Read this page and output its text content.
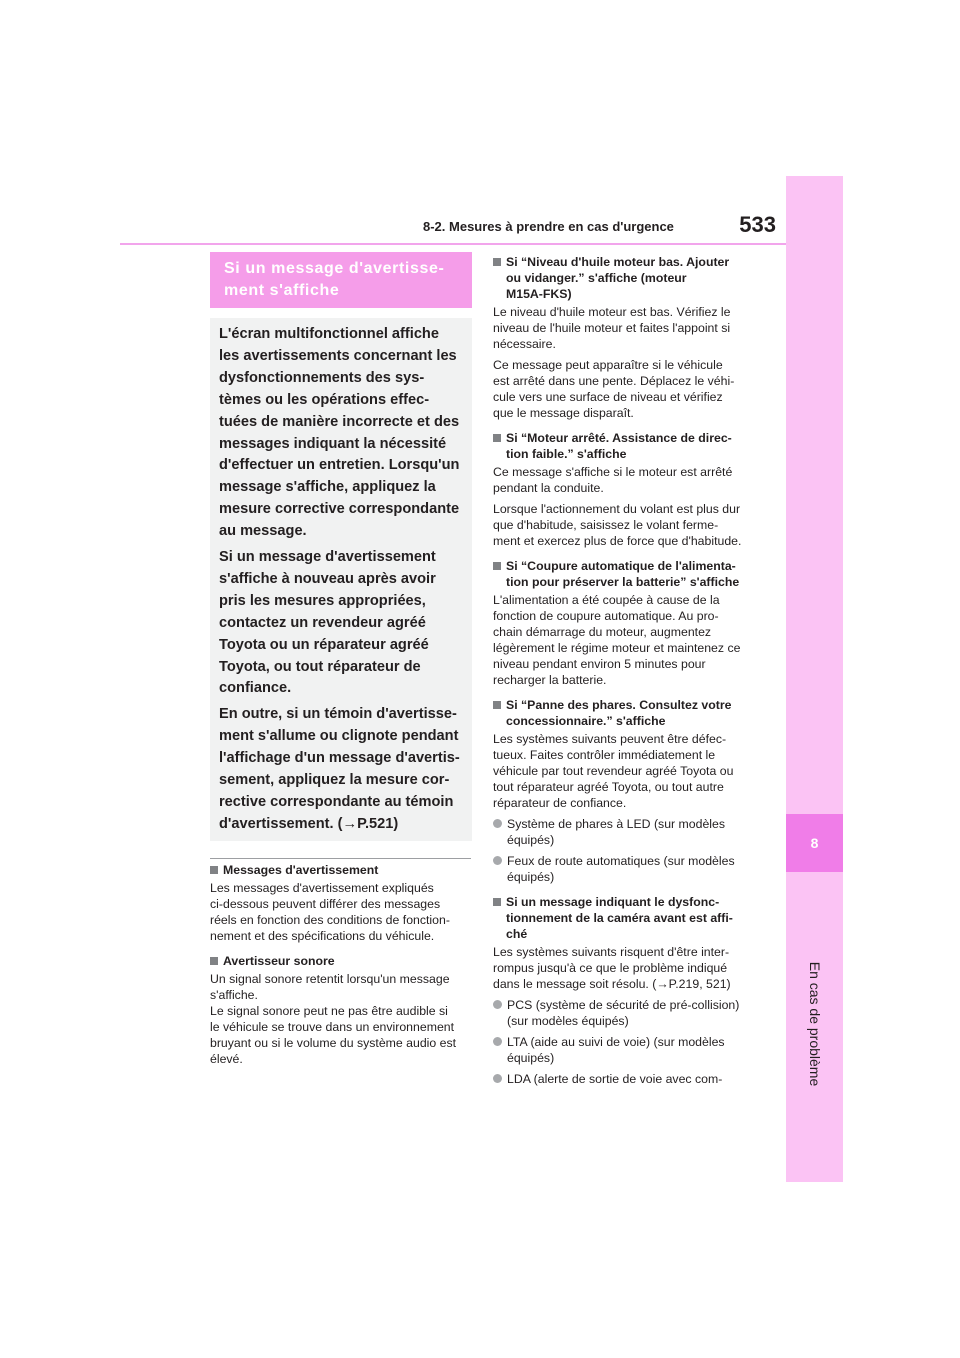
8
En cas de problème
533
8-2. Mesures à prendre en cas d'urgence
Si un message d'avertisse-
ment s'affiche

L'écran multifonctionnel affiche
les avertissements concernant les
dysfonctionnements des sys-
tèmes ou les opérations effec-
tuées de manière incorrecte et des
messages indiquant la nécessité
d'effectuer un entretien. Lorsqu'un
message s'affiche, appliquez la
mesure corrective correspondante
au message.

Si un message d'avertissement
s'affiche à nouveau après avoir
pris les mesures appropriées,
contactez un revendeur agréé
Toyota ou un réparateur agréé
Toyota, ou tout réparateur de
confiance.

En outre, si un témoin d'avertisse-
ment s'allume ou clignote pendant
l'affichage d'un message d'avertis-
sement, appliquez la mesure cor-
rective correspondante au témoin
d'avertissement. (→P.521)

Messages d'avertissement

Les messages d'avertissement expliqués
ci-dessous peuvent différer des messages
réels en fonction des conditions de fonction-
nement et des spécifications du véhicule.

Avertisseur sonore

Un signal sonore retentit lorsqu'un message
s'affiche.
Le signal sonore peut ne pas être audible si
le véhicule se trouve dans un environnement
bruyant ou si le volume du système audio est
élevé.

Si “Niveau d'huile moteur bas. Ajouter
ou vidanger.” s'affiche (moteur
M15A-FKS)

Le niveau d'huile moteur est bas. Vérifiez le
niveau de l'huile moteur et faites l'appoint si
nécessaire.

Ce message peut apparaître si le véhicule
est arrêté dans une pente. Déplacez le véhi-
cule vers une surface de niveau et vérifiez
que le message disparaît.

Si “Moteur arrêté. Assistance de direc-
tion faible.” s'affiche

Ce message s'affiche si le moteur est arrêté
pendant la conduite.

Lorsque l'actionnement du volant est plus dur
que d'habitude, saisissez le volant ferme-
ment et exercez plus de force que d'habitude.

Si “Coupure automatique de l'alimenta-
tion pour préserver la batterie” s'affiche

L'alimentation a été coupée à cause de la
fonction de coupure automatique. Au pro-
chain démarrage du moteur, augmentez
légèrement le régime moteur et maintenez ce
niveau pendant environ 5 minutes pour
recharger la batterie.

Si “Panne des phares. Consultez votre
concessionnaire.” s'affiche

Les systèmes suivants peuvent être défec-
tueux. Faites contrôler immédiatement le
véhicule par tout revendeur agréé Toyota ou
tout réparateur agréé Toyota, ou tout autre
réparateur de confiance.

Système de phares à LED (sur modèles
équipés)
Feux de route automatiques (sur modèles
équipés)
Si un message indiquant le dysfonc-
tionnement de la caméra avant est affi-
ché

Les systèmes suivants risquent d'être inter-
rompus jusqu'à ce que le problème indiqué
dans le message soit résolu. (→P.219, 521)

PCS (système de sécurité de pré-collision)
(sur modèles équipés)
LTA (aide au suivi de voie) (sur modèles
équipés)
LDA (alerte de sortie de voie avec com-
